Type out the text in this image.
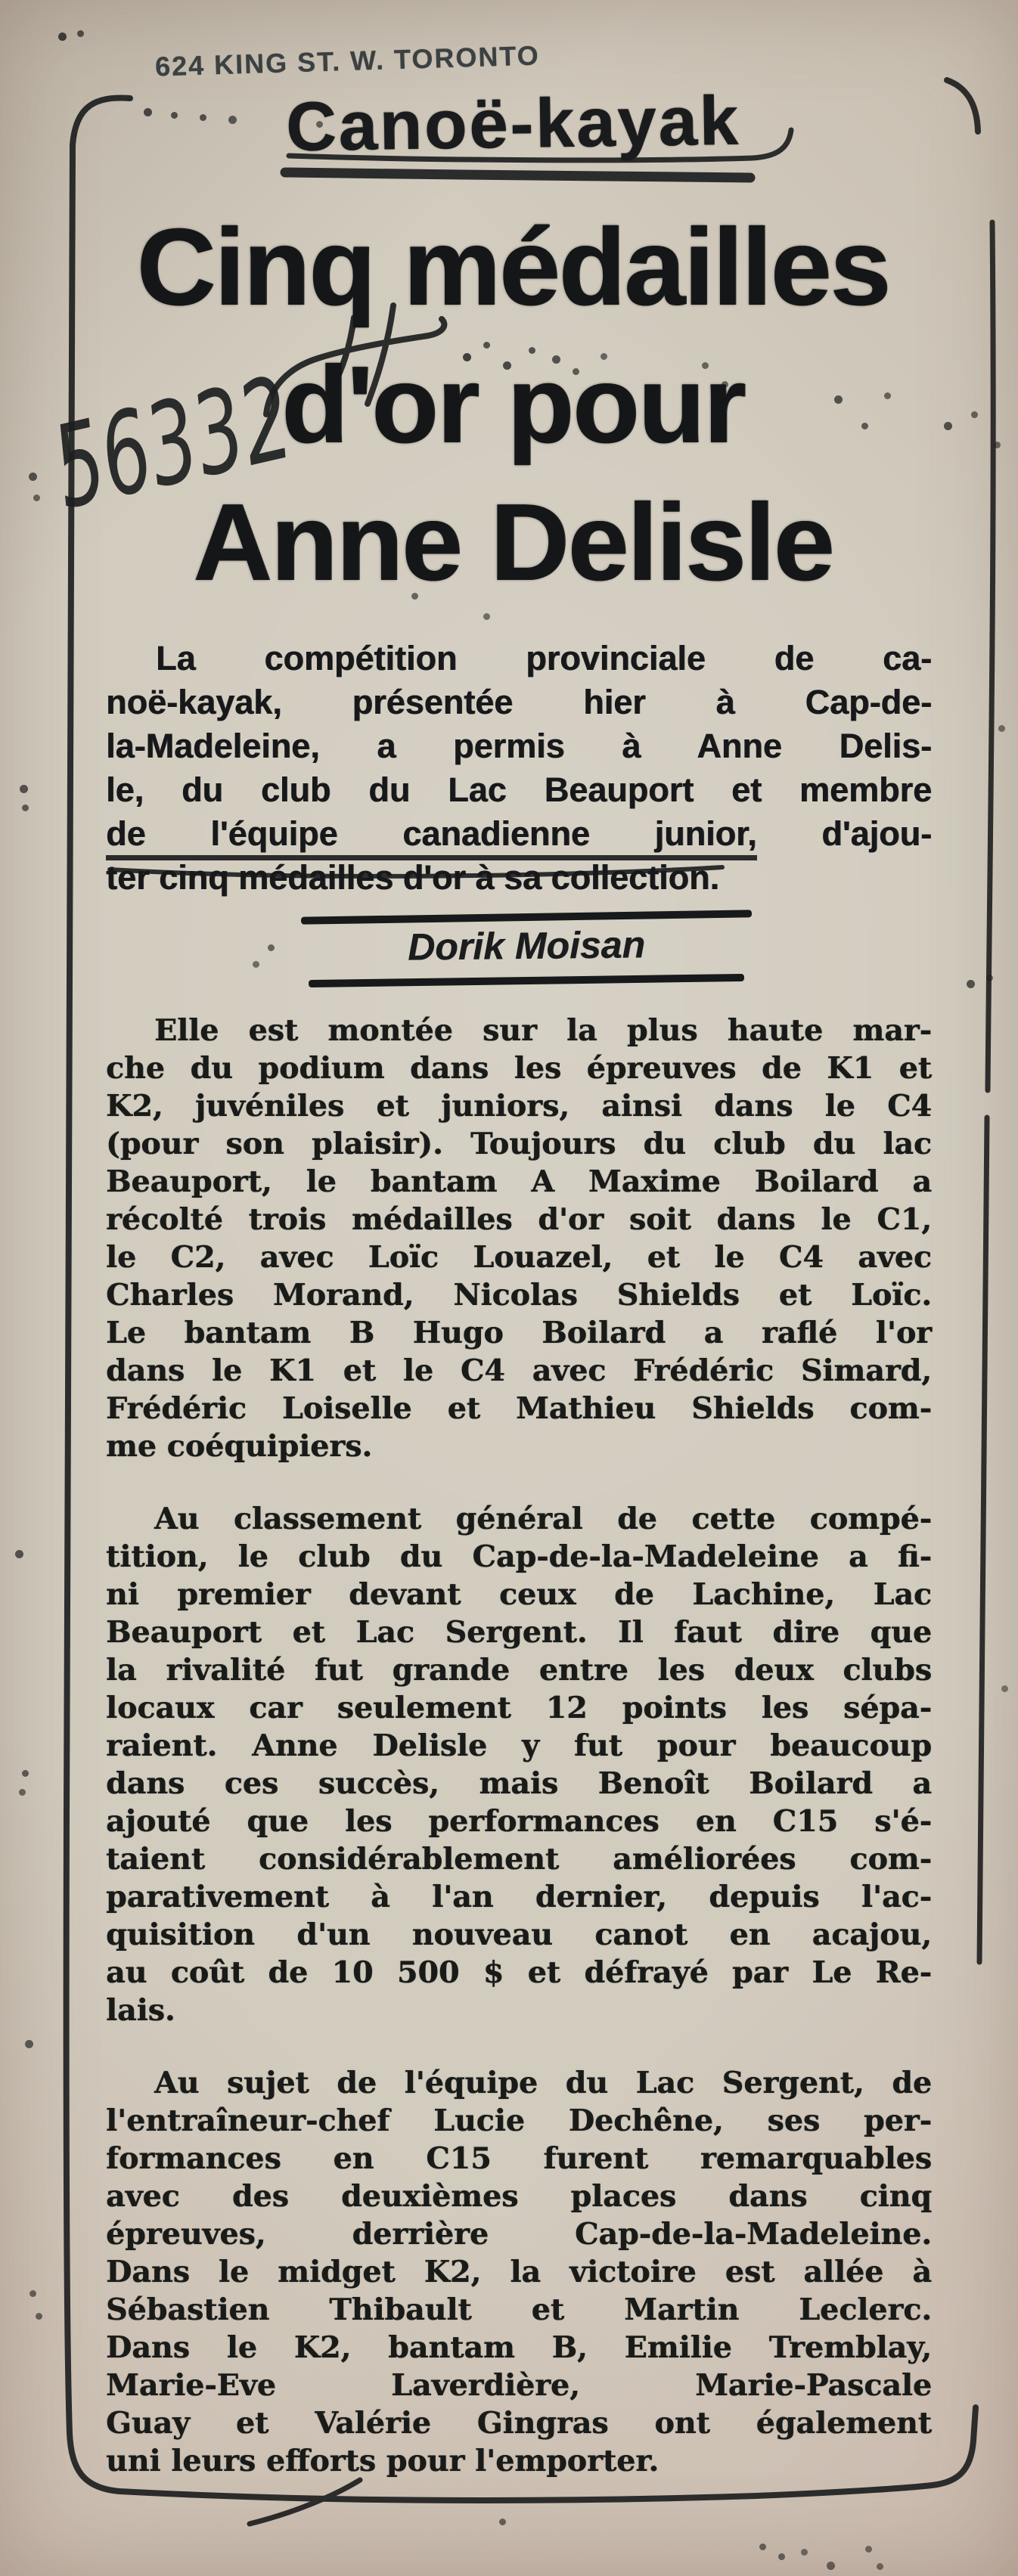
56332
624 KING ST. W. TORONTO
Canoë-kayak
Cinq médailles
d'or pour
Anne Delisle
La compétition provinciale de ca-
noë-kayak, présentée hier à Cap-de-
la-Madeleine, a permis à Anne Delis-
le, du club du Lac Beauport et membre
de l'équipe canadienne junior, d'ajou-
ter cinq médailles d'or à sa collection.
Dorik Moisan
Elle est montée sur la plus haute mar-
che du podium dans les épreuves de K1 et
K2, juvéniles et juniors, ainsi dans le C4
(pour son plaisir). Toujours du club du lac
Beauport, le bantam A Maxime Boilard a
récolté trois médailles d'or soit dans le C1,
le C2, avec Loïc Louazel, et le C4 avec
Charles Morand, Nicolas Shields et Loïc.
Le bantam B Hugo Boilard a raflé l'or
dans le K1 et le C4 avec Frédéric Simard,
Frédéric Loiselle et Mathieu Shields com-
me coéquipiers.
Au classement général de cette compé-
tition, le club du Cap-de-la-Madeleine a fi-
ni premier devant ceux de Lachine, Lac
Beauport et Lac Sergent. Il faut dire que
la rivalité fut grande entre les deux clubs
locaux car seulement 12 points les sépa-
raient. Anne Delisle y fut pour beaucoup
dans ces succès, mais Benoît Boilard a
ajouté que les performances en C15 s'é-
taient considérablement améliorées com-
parativement à l'an dernier, depuis l'ac-
quisition d'un nouveau canot en acajou,
au coût de 10 500 $ et défrayé par Le Re-
lais.
Au sujet de l'équipe du Lac Sergent, de
l'entraîneur-chef Lucie Dechêne, ses per-
formances en C15 furent remarquables
avec des deuxièmes places dans cinq
épreuves, derrière Cap-de-la-Madeleine.
Dans le midget K2, la victoire est allée à
Sébastien Thibault et Martin Leclerc.
Dans le K2, bantam B, Emilie Tremblay,
Marie-Eve Laverdière, Marie-Pascale
Guay et Valérie Gingras ont également
uni leurs efforts pour l'emporter.
